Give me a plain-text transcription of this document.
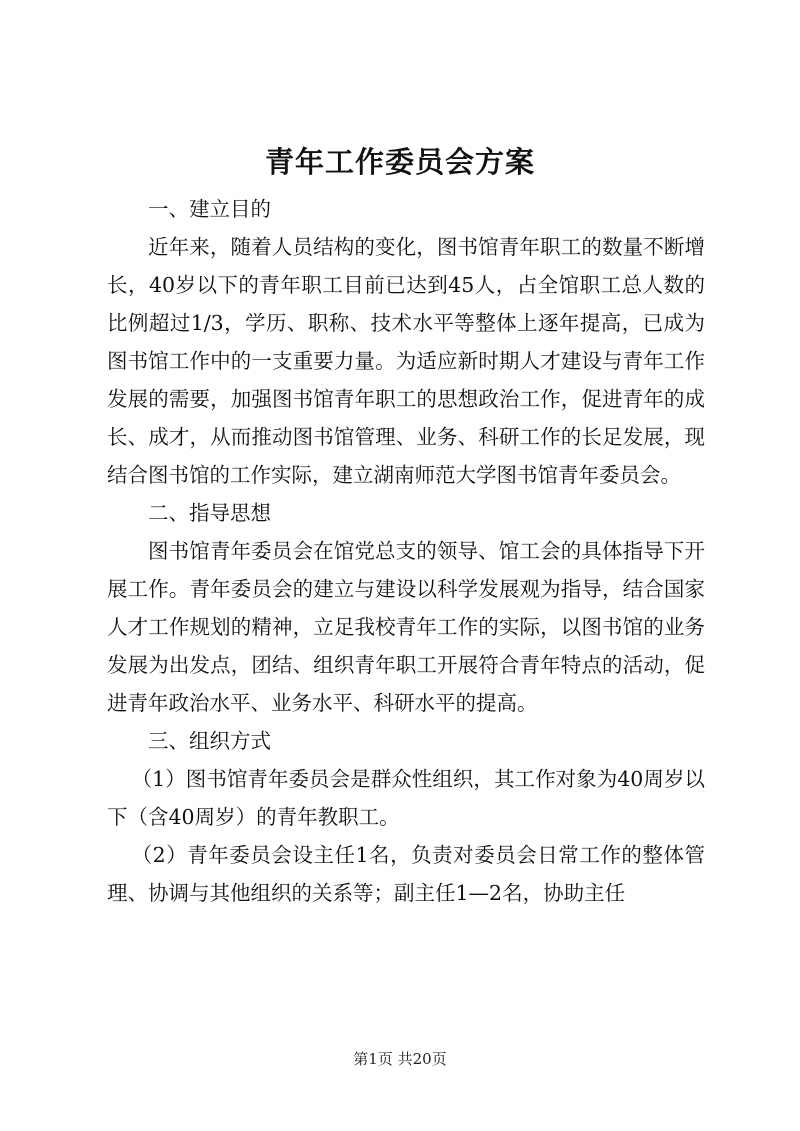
青年工作委员会方案

一、建立目的

近年来，随着人员结构的变化，图书馆青年职工的数量不断增长，40岁以下的青年职工目前已达到45人，占全馆职工总人数的比例超过1/3，学历、职称、技术水平等整体上逐年提高，已成为图书馆工作中的一支重要力量。为适应新时期人才建设与青年工作发展的需要，加强图书馆青年职工的思想政治工作，促进青年的成长、成才，从而推动图书馆管理、业务、科研工作的长足发展，现结合图书馆的工作实际，建立湖南师范大学图书馆青年委员会。

二、指导思想

图书馆青年委员会在馆党总支的领导、馆工会的具体指导下开展工作。青年委员会的建立与建设以科学发展观为指导，结合国家人才工作规划的精神，立足我校青年工作的实际，以图书馆的业务发展为出发点，团结、组织青年职工开展符合青年特点的活动，促进青年政治水平、业务水平、科研水平的提高。

三、组织方式

（1）图书馆青年委员会是群众性组织，其工作对象为40周岁以下（含40周岁）的青年教职工。

（2）青年委员会设主任1名，负责对委员会日常工作的整体管理、协调与其他组织的关系等；副主任1—2名，协助主任

第1页 共20页
